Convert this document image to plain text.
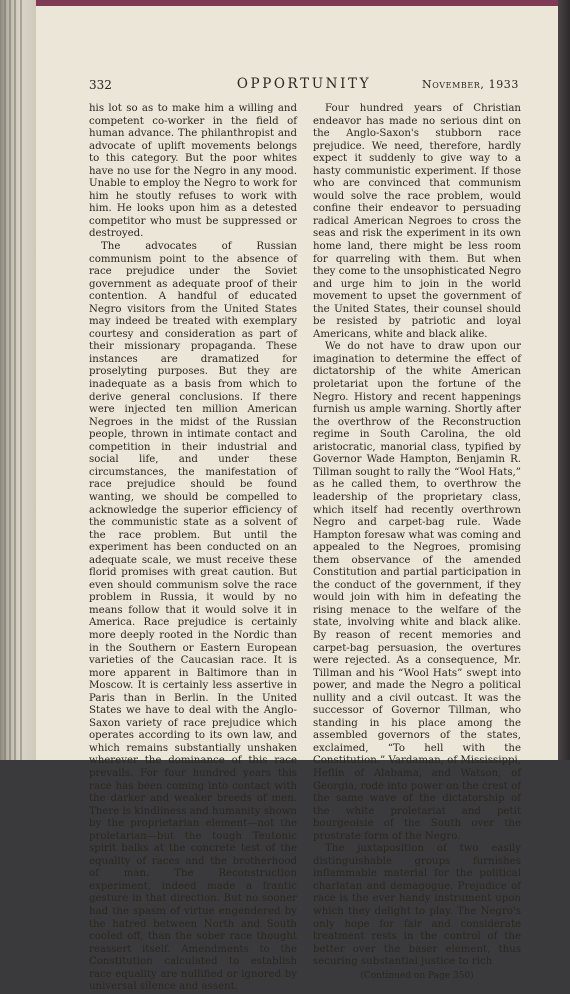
332	OPPORTUNITY	November, 1933

his lot so as to make him a willing and competent co-worker in the field of human advance. The philanthropist and advocate of uplift movements belongs to this category. But the poor whites have no use for the Negro in any mood. Unable to employ the Negro to work for him he stoutly refuses to work with him. He looks upon him as a detested competitor who must be suppressed or destroyed.

The advocates of Russian communism point to the absence of race prejudice under the Soviet government as adequate proof of their contention. A handful of educated Negro visitors from the United States may indeed be treated with exemplary courtesy and consideration as part of their missionary propaganda. These instances are dramatized for proselyting purposes. But they are inadequate as a basis from which to derive general conclusions. If there were injected ten million American Negroes in the midst of the Russian people, thrown in intimate contact and competition in their industrial and social life, and under these circumstances, the manifestation of race prejudice should be found wanting, we should be compelled to acknowledge the superior efficiency of the communistic state as a solvent of the race problem. But until the experiment has been conducted on an adequate scale, we must receive these florid promises with great caution. But even should communism solve the race problem in Russia, it would by no means follow that it would solve it in America. Race prejudice is certainly more deeply rooted in the Nordic than in the Southern or Eastern European varieties of the Caucasian race. It is more apparent in Baltimore than in Moscow. It is certainly less assertive in Paris than in Berlin. In the United States we have to deal with the Anglo-Saxon variety of race prejudice which operates according to its own law, and which remains substantially unshaken wherever the dominance of this race prevails. For four hundred years this race has been coming into contact with the darker and weaker breeds of men. There is kindliness and humanity shown by the proprietarian element—not the proletarian—but the tough Teutonic spirit balks at the concrete test of the equality of races and the brotherhood of man. The Reconstruction experiment, indeed made a frantic gesture in that direction. But no sooner had the spasm of virtue engendered by the hatred between North and South cooled off, than the sober race thought reassert itself. Amendments to the Constitution calculated to establish race equality are nullified or ignored by universal silence and assent.

Four hundred years of Christian endeavor has made no serious dint on the Anglo-Saxon's stubborn race prejudice. We need, therefore, hardly expect it suddenly to give way to a hasty communistic experiment. If those who are convinced that communism would solve the race problem, would confine their endeavor to persuading radical American Negroes to cross the seas and risk the experiment in its own home land, there might be less room for quarreling with them. But when they come to the unsophisticated Negro and urge him to join in the world movement to upset the government of the United States, their counsel should be resisted by patriotic and loyal Americans, white and black alike.

We do not have to draw upon our imagination to determine the effect of dictatorship of the white American proletariat upon the fortune of the Negro. History and recent happenings furnish us ample warning. Shortly after the overthrow of the Reconstruction regime in South Carolina, the old aristocratic, manorial class, typified by Governor Wade Hampton, Benjamin R. Tillman sought to rally the “Wool Hats,” as he called them, to overthrow the leadership of the proprietary class, which itself had recently overthrown Negro and carpet-bag rule. Wade Hampton foresaw what was coming and appealed to the Negroes, promising them observance of the amended Constitution and partial participation in the conduct of the government, if they would join with him in defeating the rising menace to the welfare of the state, involving white and black alike. By reason of recent memories and carpet-bag persuasion, the overtures were rejected. As a consequence, Mr. Tillman and his “Wool Hats” swept into power, and made the Negro a political nullity and a civil outcast. It was the successor of Governor Tillman, who standing in his place among the assembled governors of the states, exclaimed, “To hell with the Constitution.” Vardaman, of Mississippi, Heflin of Alabama, and Watson, of Georgia, rode into power on the crest of the same wave of the dictatorship of the white proletariat and petit bourgeoisie of the South over the prostrate form of the Negro.

The juxtaposition of two easily distinguishable groups furnishes inflammable material for the political charlatan and demagogue. Prejudice of race is the ever handy instrument upon which they delight to play. The Negro's only hope for fair and considerate treatment rests in the control of the better over the baser element, thus securing substantial justice to rich

(Continued on Page 350)
